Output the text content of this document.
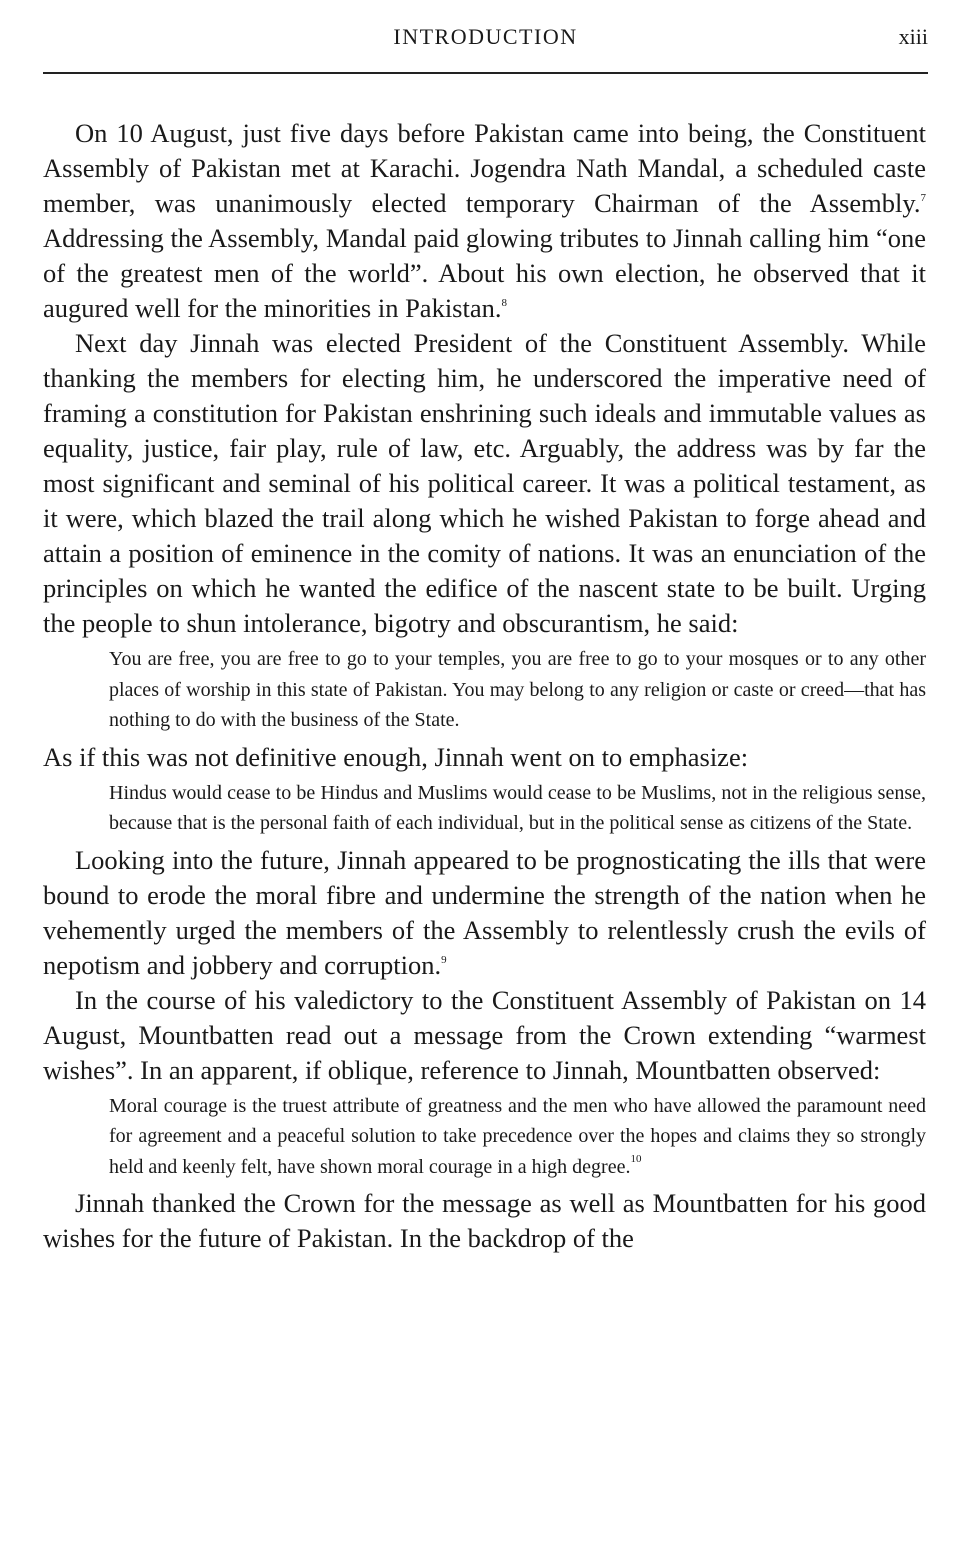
INTRODUCTION	xiii

On 10 August, just five days before Pakistan came into being, the Constituent Assembly of Pakistan met at Karachi. Jogendra Nath Mandal, a scheduled caste member, was unanimously elected temporary Chairman of the Assembly.$^7$ Addressing the Assembly, Mandal paid glowing tributes to Jinnah calling him “one of the greatest men of the world”. About his own election, he observed that it augured well for the minorities in Pakistan.$^8$

Next day Jinnah was elected President of the Constituent Assembly. While thanking the members for electing him, he underscored the imperative need of framing a constitution for Pakistan enshrining such ideals and immutable values as equality, justice, fair play, rule of law, etc. Arguably, the address was by far the most significant and seminal of his political career. It was a political testament, as it were, which blazed the trail along which he wished Pakistan to forge ahead and attain a position of eminence in the comity of nations. It was an enunciation of the principles on which he wanted the edifice of the nascent state to be built. Urging the people to shun intolerance, bigotry and obscurantism, he said:

You are free, you are free to go to your temples, you are free to go to your mosques or to any other places of worship in this state of Pakistan. You may belong to any religion or caste or creed—that has nothing to do with the business of the State.

As if this was not definitive enough, Jinnah went on to emphasize:

Hindus would cease to be Hindus and Muslims would cease to be Muslims, not in the religious sense, because that is the personal faith of each individual, but in the political sense as citizens of the State.

Looking into the future, Jinnah appeared to be prognosticating the ills that were bound to erode the moral fibre and undermine the strength of the nation when he vehemently urged the members of the Assembly to relentlessly crush the evils of nepotism and jobbery and corruption.$^9$

In the course of his valedictory to the Constituent Assembly of Pakistan on 14 August, Mountbatten read out a message from the Crown extending “warmest wishes”. In an apparent, if oblique, reference to Jinnah, Mountbatten observed:

Moral courage is the truest attribute of greatness and the men who have allowed the paramount need for agreement and a peaceful solution to take precedence over the hopes and claims they so strongly held and keenly felt, have shown moral courage in a high degree.$^{10}$

Jinnah thanked the Crown for the message as well as Mountbatten for his good wishes for the future of Pakistan. In the backdrop of the
